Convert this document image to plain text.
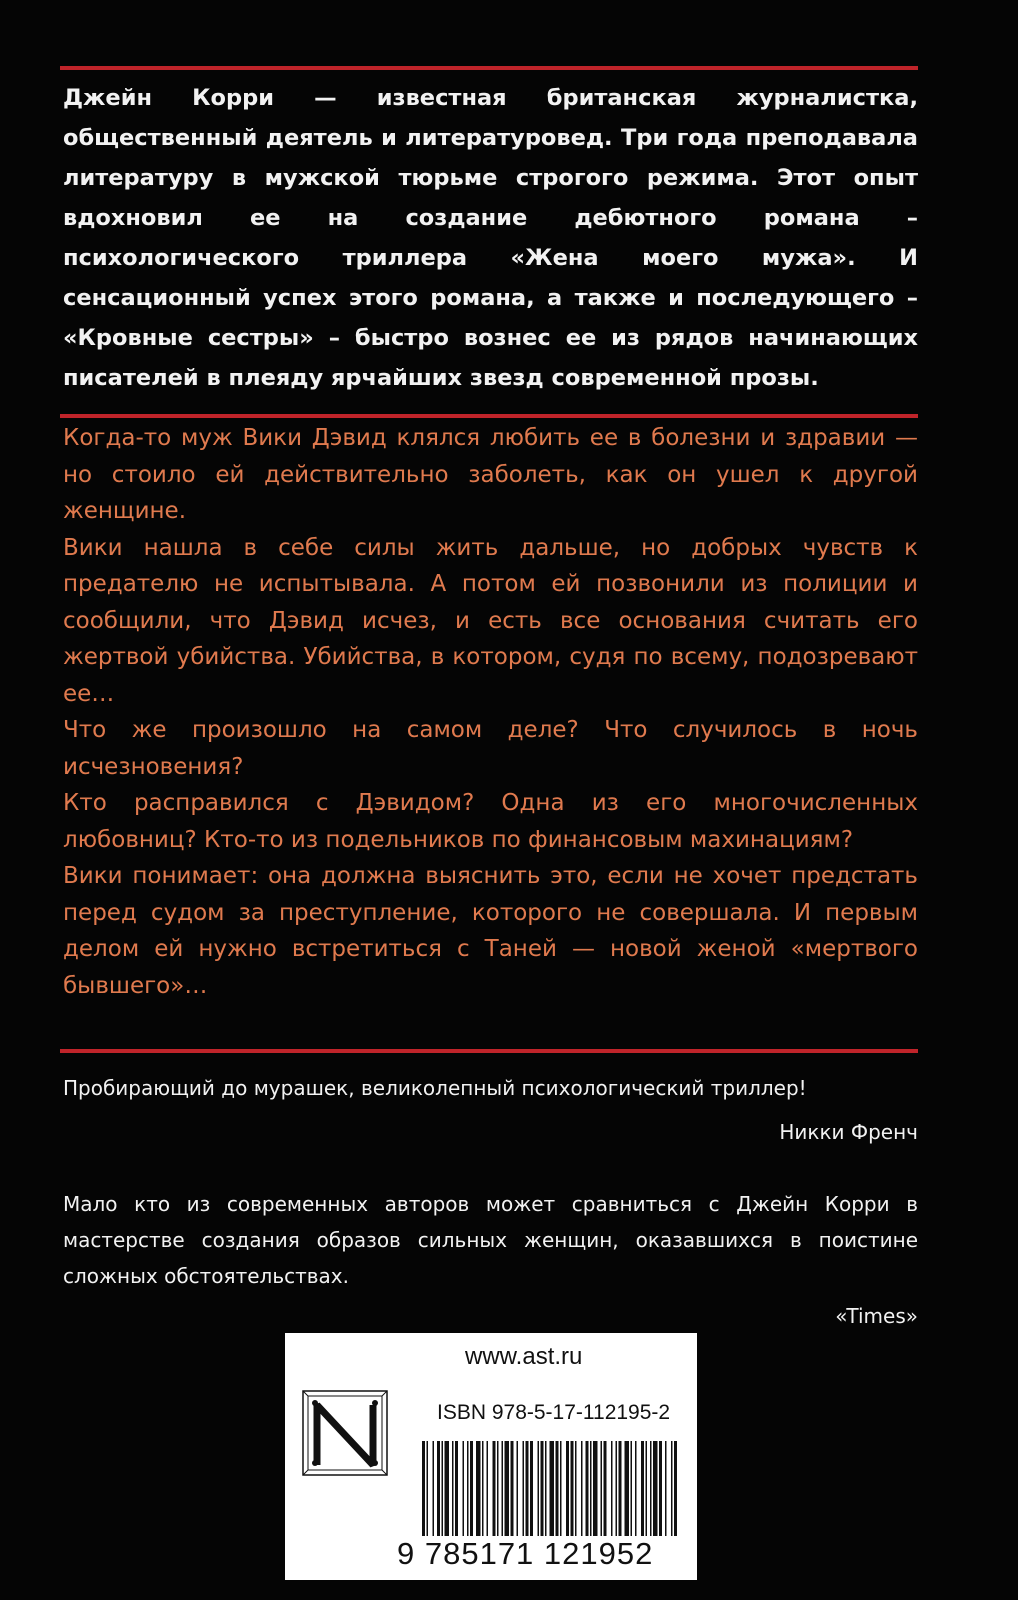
Джейн Корри — известная британская журналистка, общественный деятель и литературовед. Три года преподавала литературу в мужской тюрьме строгого режима. Этот опыт вдохновил ее на создание дебютного романа – психологического триллера «Жена моего мужа». И сенсационный успех этого романа, а также и последующего – «Кровные сестры» – быстро вознес ее из рядов начинающих писателей в плеяду ярчайших звезд современной прозы.

Когда-то муж Вики Дэвид клялся любить ее в болезни и здравии — но стоило ей действительно заболеть, как он ушел к другой женщине.

Вики нашла в себе силы жить дальше, но добрых чувств к предателю не испытывала. А потом ей позвонили из полиции и сообщили, что Дэвид исчез, и есть все основания считать его жертвой убийства. Убийства, в котором, судя по всему, подозревают ее…

Что же произошло на самом деле? Что случилось в ночь исчезновения?

Кто расправился с Дэвидом? Одна из его многочисленных любовниц? Кто-то из подельников по финансовым махинациям?

Вики понимает: она должна выяснить это, если не хочет предстать перед судом за преступление, которого не совершала. И первым делом ей нужно встретиться с Таней — новой женой «мертвого бывшего»…

Пробирающий до мурашек, великолепный психологический триллер!

Никки Френч

Мало кто из современных авторов может сравниться с Джейн Корри в мастерстве создания образов сильных женщин, оказавшихся в поистине сложных обстоятельствах.

«Times»
www.ast.ru
ISBN 978-5-17-112195-2
9 785171 121952
